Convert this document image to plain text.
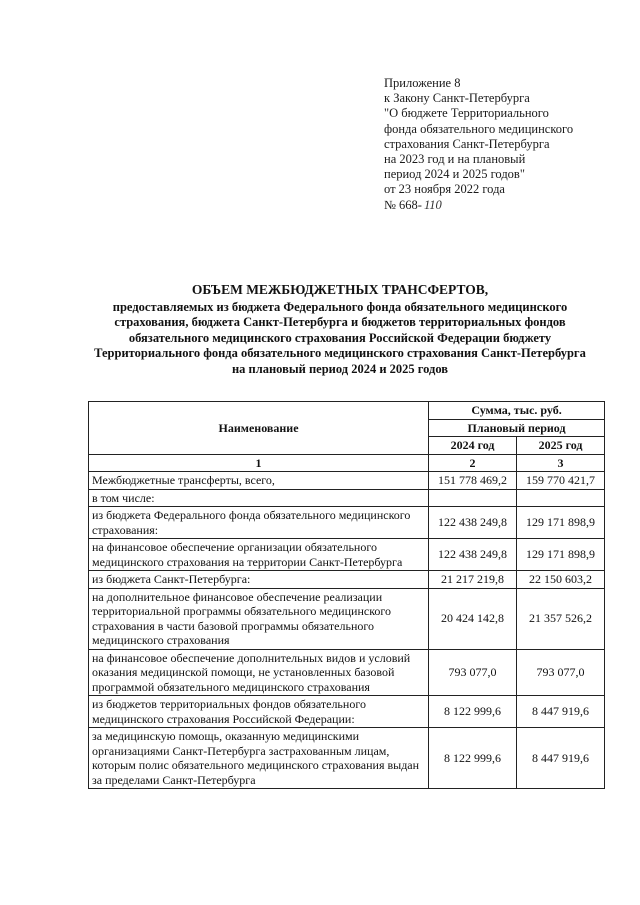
Приложение 8
к Закону Санкт-Петербурга
"О бюджете Территориального
фонда обязательного медицинского
страхования Санкт-Петербурга
на 2023 год и на плановый
период 2024 и 2025 годов"
от 23 ноября 2022 года
№ 668- 110
ОБЪЕМ МЕЖБЮДЖЕТНЫХ ТРАНСФЕРТОВ,
предоставляемых из бюджета Федерального фонда обязательного медицинского
страхования, бюджета Санкт-Петербурга и бюджетов территориальных фондов
обязательного медицинского страхования Российской Федерации бюджету
Территориального фонда обязательного медицинского страхования Санкт-Петербурга
на плановый период 2024 и 2025 годов
Наименование	Сумма, тыс. руб.	
	Плановый период	
	2024 год	2025 год
1	2	3
Межбюджетные трансферты, всего,	151 778 469,2	159 770 421,7
в том числе:		
из бюджета Федерального фонда обязательного медицинского страхования:	122 438 249,8	129 171 898,9
на финансовое обеспечение организации обязательного медицинского страхования на территории Санкт-Петербурга	122 438 249,8	129 171 898,9
из бюджета Санкт-Петербурга:	21 217 219,8	22 150 603,2
на дополнительное финансовое обеспечение реализации территориальной программы обязательного медицинского страхования в части базовой программы обязательного медицинского страхования	20 424 142,8	21 357 526,2
на финансовое обеспечение дополнительных видов и условий оказания медицинской помощи, не установленных базовой программой обязательного медицинского страхования	793 077,0	793 077,0
из бюджетов территориальных фондов обязательного медицинского страхования Российской Федерации:	8 122 999,6	8 447 919,6
за медицинскую помощь, оказанную медицинскими организациями Санкт-Петербурга застрахованным лицам, которым полис обязательного медицинского страхования выдан за пределами Санкт-Петербурга	8 122 999,6	8 447 919,6
